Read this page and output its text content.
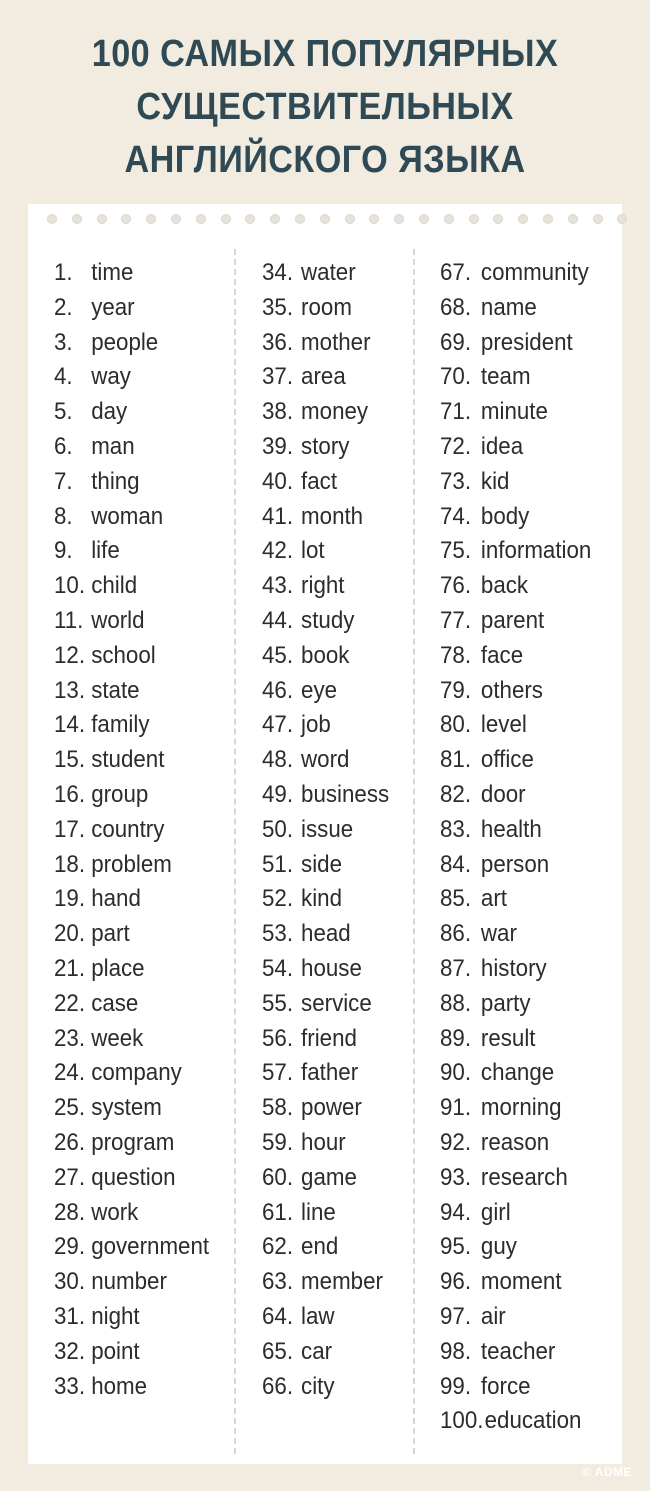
100 САМЫХ ПОПУЛЯРНЫХ
СУЩЕСТВИТЕЛЬНЫХ
АНГЛИЙСКОГО ЯЗЫКА
1. time
2. year
3. people
4. way
5. day
6. man
7. thing
8. woman
9. life
10. child
11. world
12. school
13. state
14. family
15. student
16. group
17. country
18. problem
19. hand
20. part
21. place
22. case
23. week
24. company
25. system
26. program
27. question
28. work
29. government
30. number
31. night
32. point
33. home
34. water
35. room
36. mother
37. area
38. money
39. story
40. fact
41. month
42. lot
43. right
44. study
45. book
46. eye
47. job
48. word
49. business
50. issue
51. side
52. kind
53. head
54. house
55. service
56. friend
57. father
58. power
59. hour
60. game
61. line
62. end
63. member
64. law
65. car
66. city
67. community
68. name
69. president
70. team
71. minute
72. idea
73. kid
74. body
75. information
76. back
77. parent
78. face
79. others
80. level
81. office
82. door
83. health
84. person
85. art
86. war
87. history
88. party
89. result
90. change
91. morning
92. reason
93. research
94. girl
95. guy
96. moment
97. air
98. teacher
99. force
100.education
© ADME
